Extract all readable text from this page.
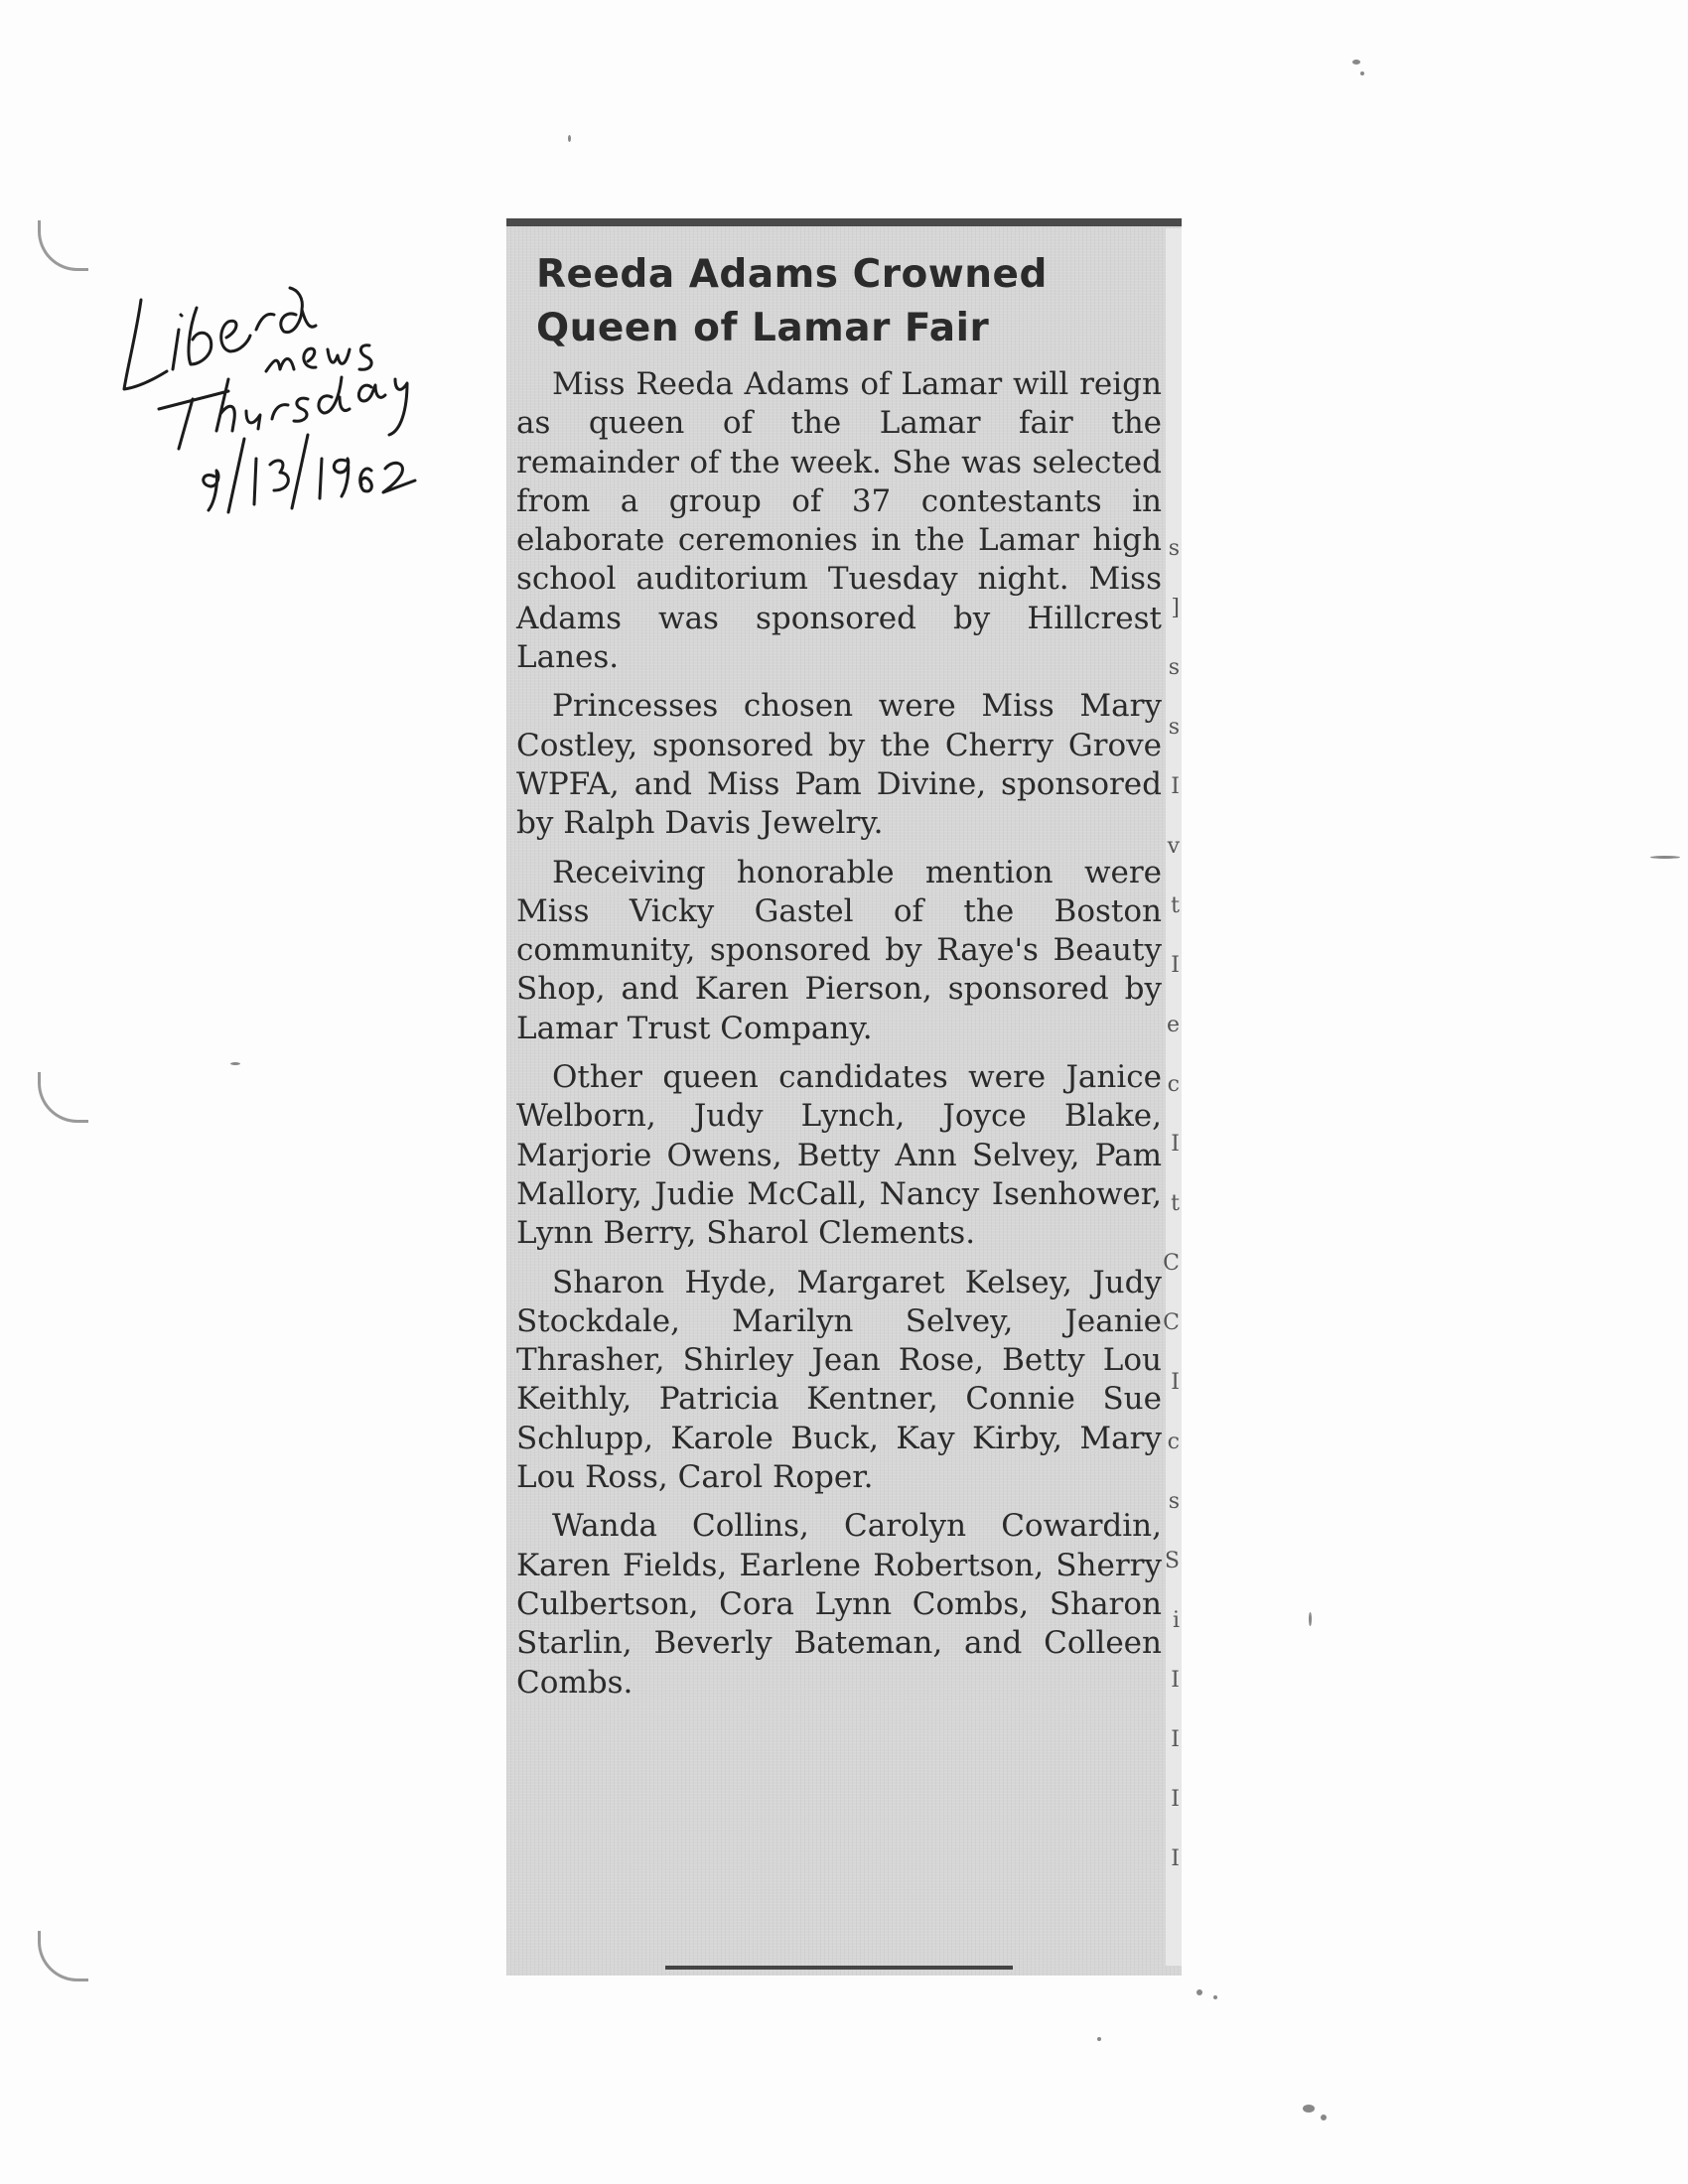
Reeda Adams Crowned
Queen of Lamar Fair

Miss Reeda Adams of Lamar will reign as queen of the Lamar fair the remainder of the week. She was selected from a group of 37 contestants in elaborate ceremonies in the Lamar high school auditorium Tuesday night. Miss Adams was sponsored by Hillcrest Lanes.

Princesses chosen were Miss Mary Costley, sponsored by the Cherry Grove WPFA, and Miss Pam Divine, sponsored by Ralph Davis Jewelry.

Receiving honorable mention were Miss Vicky Gastel of the Boston community, sponsored by Raye's Beauty Shop, and Karen Pierson, sponsored by Lamar Trust Company.

Other queen candidates were Janice Welborn, Judy Lynch, Joyce Blake, Marjorie Owens, Betty Ann Selvey, Pam Mallory, Judie McCall, Nancy Isenhower, Lynn Berry, Sharol Clements.

Sharon Hyde, Margaret Kelsey, Judy Stockdale, Marilyn Selvey, Jeanie Thrasher, Shirley Jean Rose, Betty Lou Keithly, Patricia Kentner, Connie Sue Schlupp, Karole Buck, Kay Kirby, Mary Lou Ross, Carol Roper.

Wanda Collins, Carolyn Cowardin, Karen Fields, Earlene Robertson, Sherry Culbertson, Cora Lynn Combs, Sharon Starlin, Beverly Bateman, and Colleen Combs.

s
]
s
s
I
v
t
I
e
c
I
t
C
C
I
c
s
S
i
I
I
I
I
